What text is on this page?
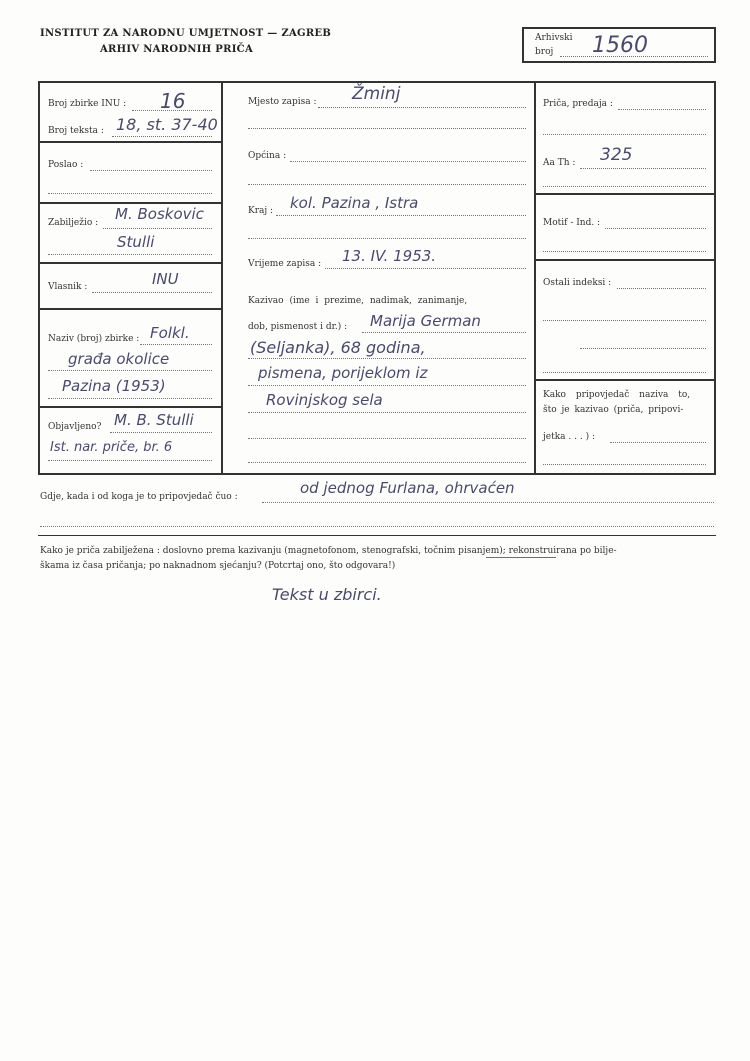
INSTITUT ZA NARODNU UMJETNOST — ZAGREB
ARHIV NARODNIH PRIČA
Arhivski
broj 1560
Broj zbirke INU : 16
Broj teksta : 18, st. 37-40
Poslao :
Zabilježio : M. Boskovic
Stulli
Vlasnik :	INU
Naziv (broj) zbirke : Folkl.
građa okolice
Pazina (1953)
Objavljeno? M. B. Stulli
Ist. nar. priče, br. 6
Mjesto zapisa : Žminj
Općina :
Kraj : kol. Pazina , Istra
Vrijeme zapisa : 13. IV. 1953.
Kazivao (ime i prezime, nadimak, zanimanje,
dob, pismenost i dr.) : Marija German
(Seljanka), 68 godina,
pismena, porijeklom iz
Rovinjskog sela
Priča, predaja :
Aa Th : 325
Motif - Ind. :
Ostali indeksi :
Kako pripovjedač naziva to,
što je kazivao (priča, pripovi-
jetka . . . ) :
Gdje, kada i od koga je to pripovjedač čuo :	od jednog Furlana, ohrvaćen
Kako je priča zabilježena : doslovno prema kazivanju (magnetofonom, stenografski, točnim pisanjem); rekonstruirana po bilje-
škama iz časa pričanja; po naknadnom sjećanju? (Potcrtaj ono, što odgovara!)
Tekst u zbirci.
